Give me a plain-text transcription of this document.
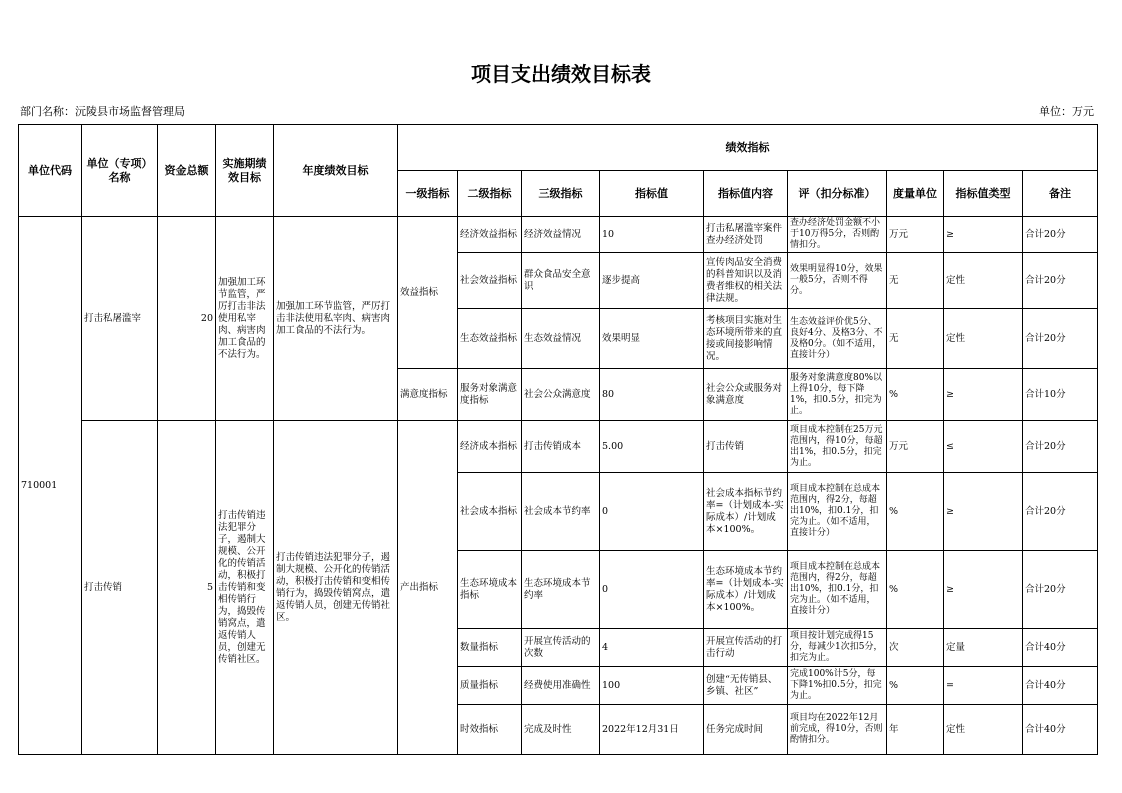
项目支出绩效目标表
部门名称：沅陵县市场监督管理局	单位：万元
单位代码	单位（专项）名称	资金总额	实施期绩效目标	年度绩效目标	绩效指标								
					一级指标	二级指标	三级指标	指标值	指标值内容	评（扣分标准）	度量单位	指标值类型	备注
710001	打击私屠滥宰	20	加强加工环节监管，严厉打击非法使用私宰肉、病害肉加工食品的不法行为。	加强加工环节监管，严厉打击非法使用私宰肉、病害肉加工食品的不法行为。	效益指标	经济效益指标	经济效益情况	10	打击私屠滥宰案件查办经济处罚	查办经济处罚金额不小于10万得5分，否则酌情扣分。	万元	≥	合计20分
						社会效益指标	群众食品安全意识	逐步提高	宣传肉品安全消费的科普知识以及消费者维权的相关法律法规。	效果明显得10分，效果一般5分，否则不得分。	无	定性	合计20分
						生态效益指标	生态效益情况	效果明显	考核项目实施对生态环境所带来的直接或间接影响情况。	生态效益评价优5分、良好4分、及格3分、不及格0分。（如不适用，直接计分）	无	定性	合计20分
					满意度指标	服务对象满意度指标	社会公众满意度	80	社会公众或服务对象满意度	服务对象满意度80%以上得10分，每下降1%，扣0.5分，扣完为止。	%	≥	合计10分
	打击传销	5	打击传销违法犯罪分子，遏制大规模、公开化的传销活动，积极打击传销和变相传销行为，捣毁传销窝点，遣返传销人员，创建无传销社区。	打击传销违法犯罪分子，遏制大规模、公开化的传销活动，积极打击传销和变相传销行为，捣毁传销窝点，遣返传销人员，创建无传销社区。	产出指标	经济成本指标	打击传销成本	5.00	打击传销	项目成本控制在25万元范围内，得10分，每超出1%，扣0.5分，扣完为止。	万元	≤	合计20分
						社会成本指标	社会成本节约率	0	社会成本指标节约率=（计划成本-实际成本）/计划成本×100%。	项目成本控制在总成本范围内，得2分，每超出10%，扣0.1分，扣完为止。（如不适用，直接计分）	%	≥	合计20分
						生态环境成本指标	生态环境成本节约率	0	生态环境成本节约率=（计划成本-实际成本）/计划成本×100%。	项目成本控制在总成本范围内，得2分，每超出10%，扣0.1分，扣完为止。（如不适用，直接计分）	%	≥	合计20分
						数量指标	开展宣传活动的次数	4	开展宣传活动的打击行动	项目按计划完成得15分，每减少1次扣5分，扣完为止。	次	定量	合计40分
						质量指标	经费使用准确性	100	创建“无传销县、乡镇、社区”	完成100%计5分，每下降1%扣0.5分，扣完为止。	%	=	合计40分
						时效指标	完成及时性	2022年12月31日	任务完成时间	项目均在2022年12月前完成，得10分，否则酌情扣分。	年	定性	合计40分
